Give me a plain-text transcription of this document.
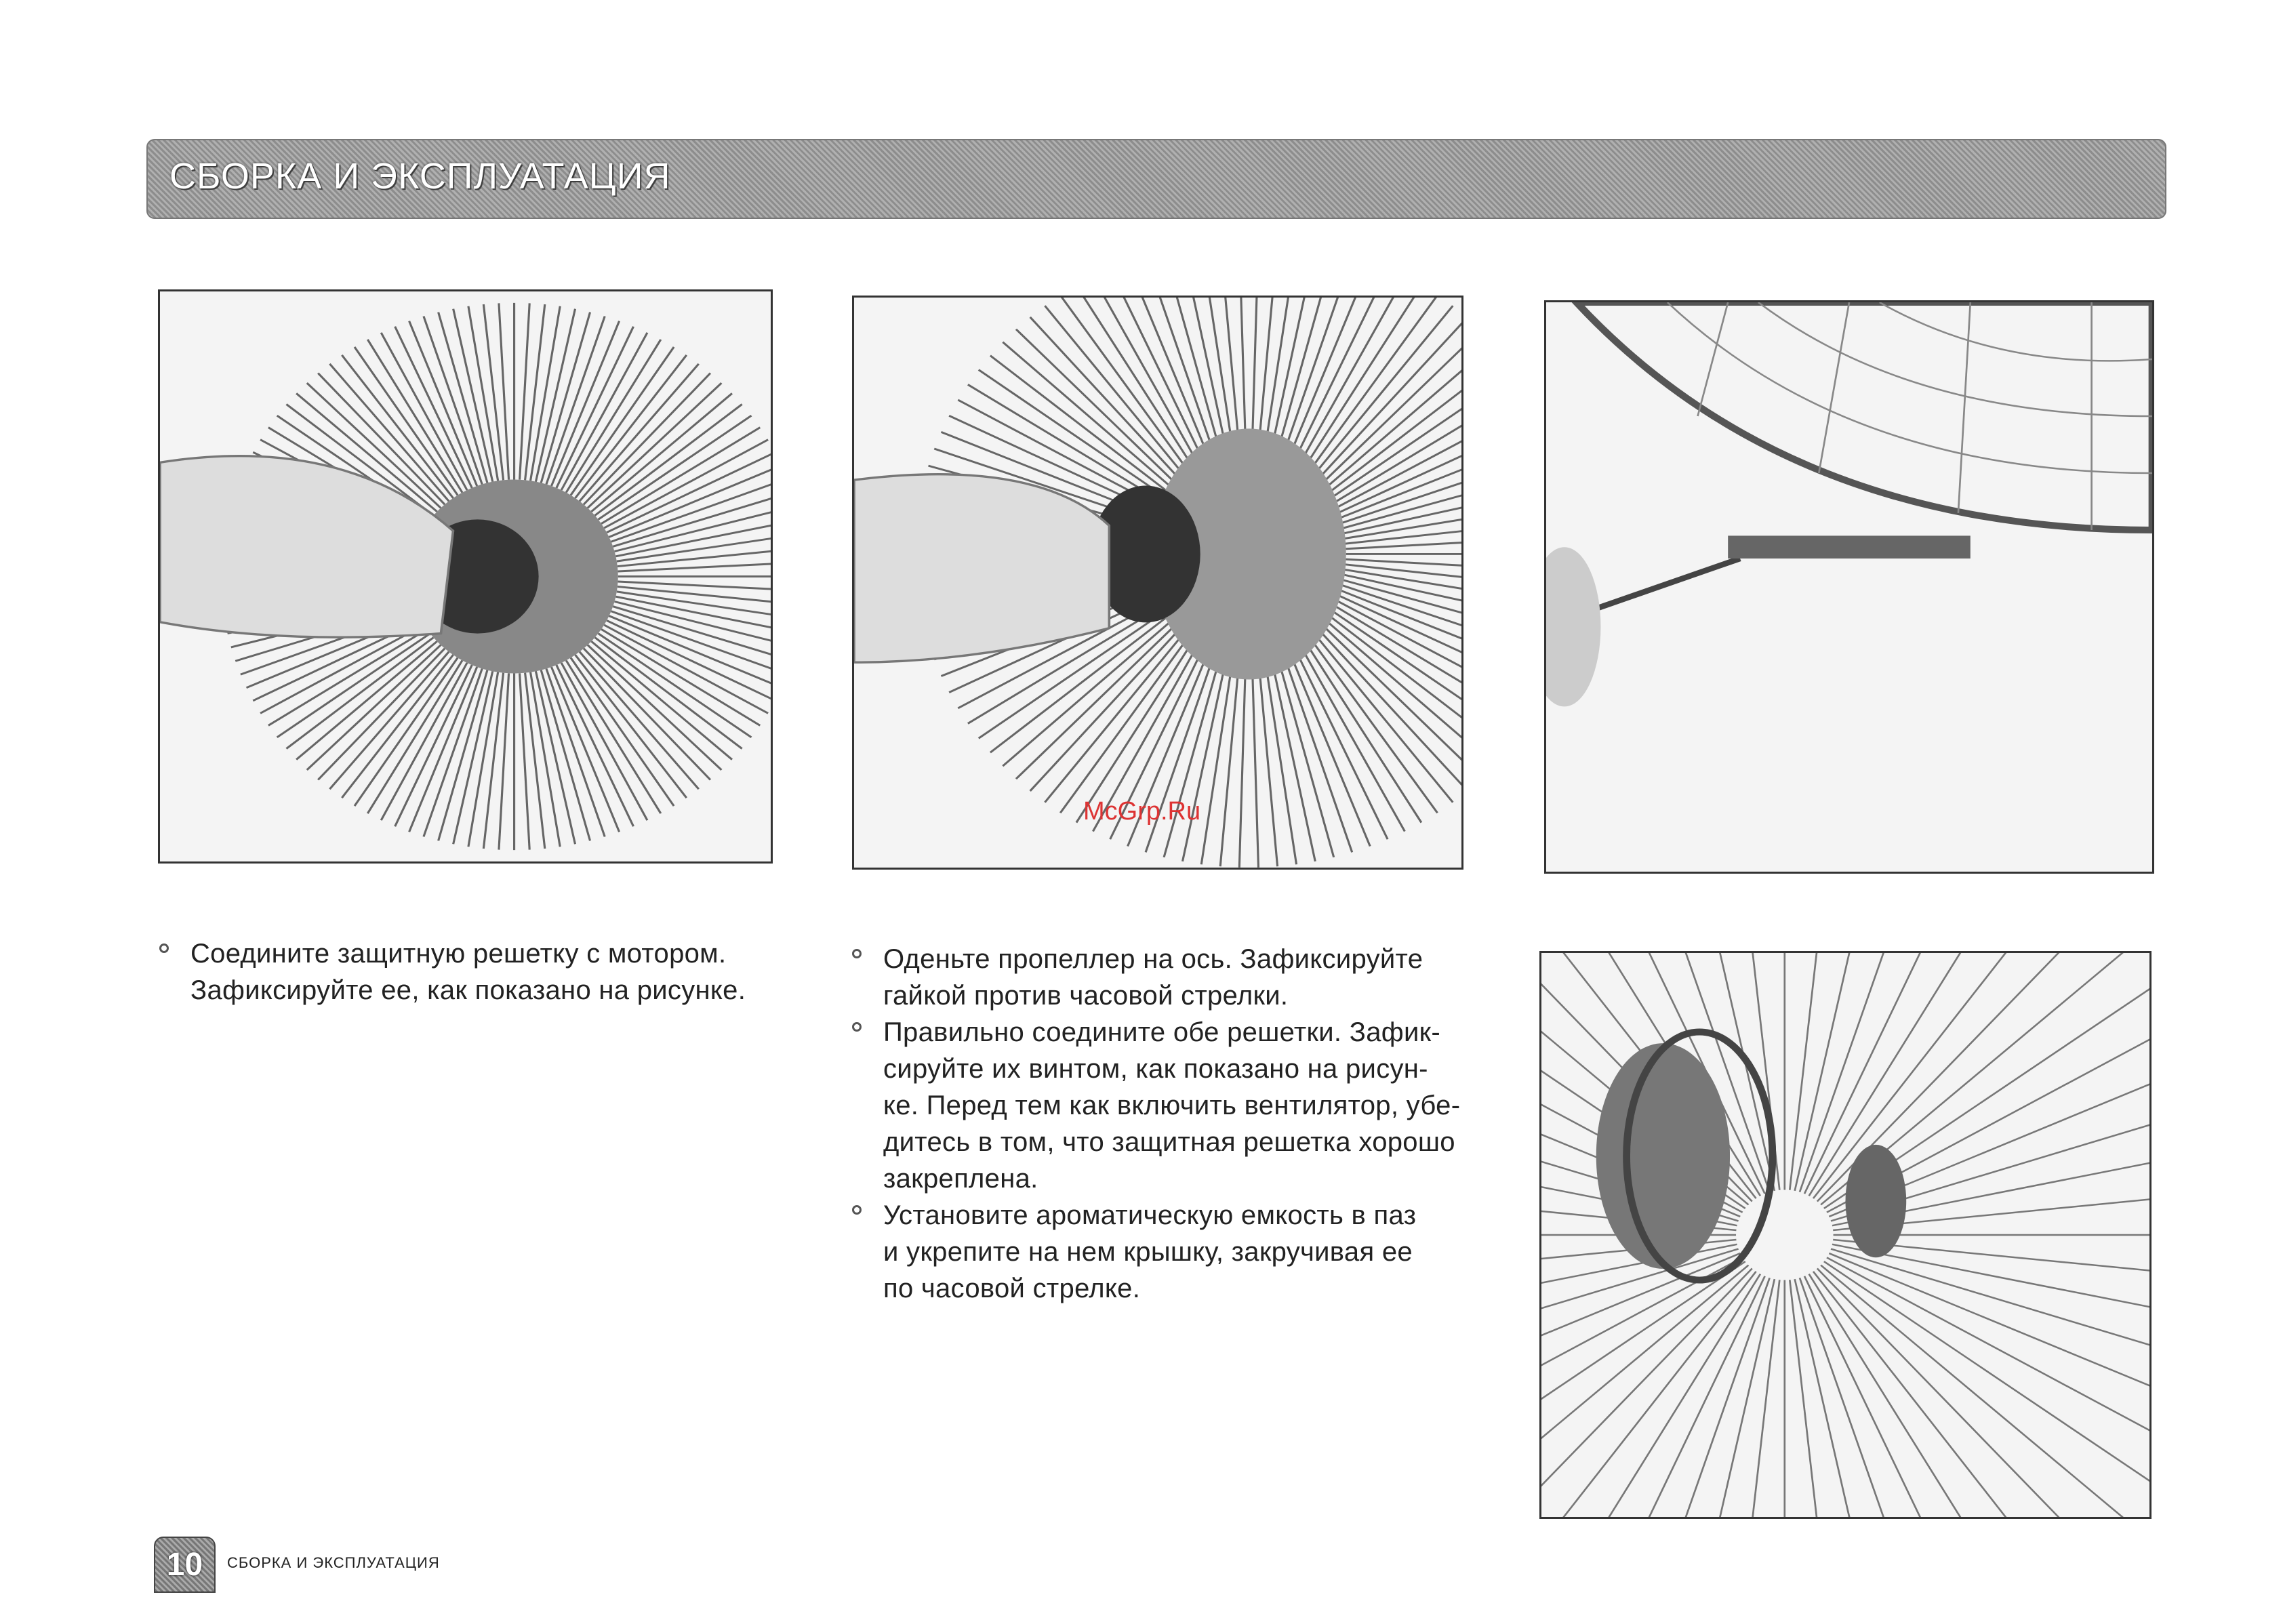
СБОРКА И ЭКСПЛУАТАЦИЯ
Соедините защитную решетку с мотором.
Зафиксируйте ее, как показано на рисунке.
Оденьте пропеллер на ось. Зафиксируйте
гайкой против часовой стрелки.
Правильно соедините обе решетки. Зафик-
сируйте их винтом, как показано на рисун-
ке. Перед тем как включить вентилятор, убе-
дитесь в том, что защитная решетка хорошо
закреплена.
Установите ароматическую емкость в паз
и укрепите на нем крышку, закручивая ее
по часовой стрелке.
McGrp.Ru
10	СБОРКА И ЭКСПЛУАТАЦИЯ
